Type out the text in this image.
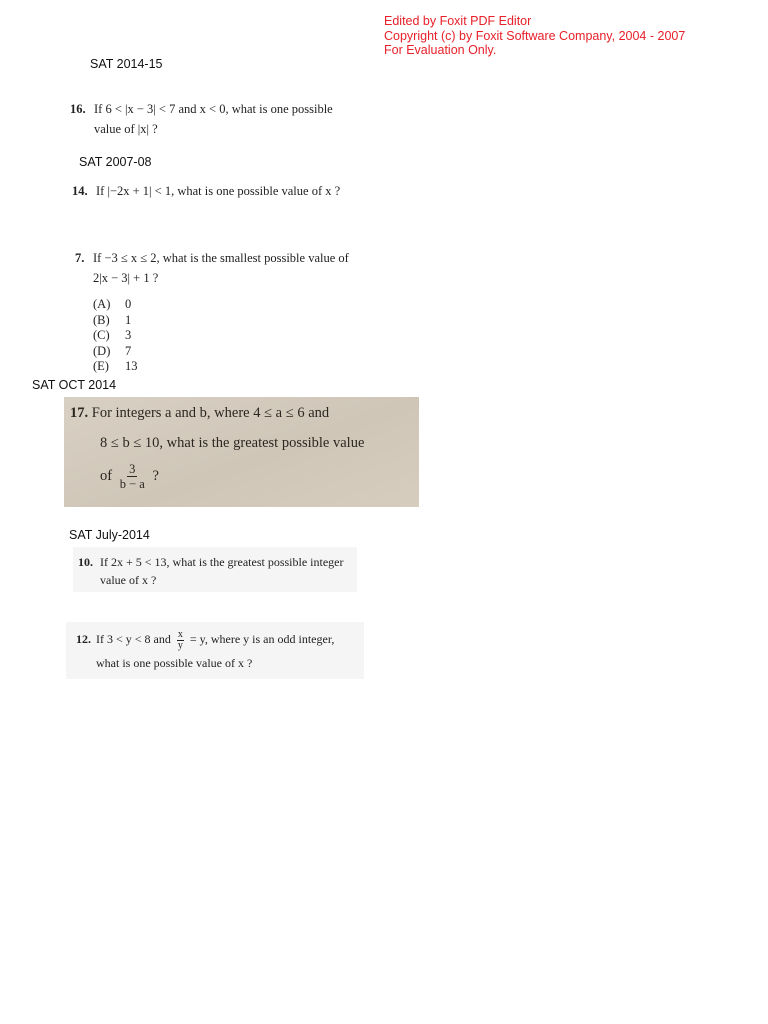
Edited by Foxit PDF Editor
Copyright (c) by Foxit Software Company, 2004 - 2007
For Evaluation Only.
SAT 2014-15
16. If 6 < |x − 3| < 7 and x < 0, what is one possible
value of |x| ?
SAT 2007-08
14. If |−2x + 1| < 1, what is one possible value of x ?
7. If −3 ≤ x ≤ 2, what is the smallest possible value of
2|x − 3| + 1 ?
(A) 0
(B) 1
(C) 3
(D) 7
(E) 13
SAT OCT 2014
17. For integers a and b, where 4 ≤ a ≤ 6 and
8 ≤ b ≤ 10, what is the greatest possible value
of $\frac{3}{b - a}$ ?
SAT July-2014
10. If 2x + 5 < 13, what is the greatest possible integer
value of x ?
12. If 3 < y < 8 and $\frac{x}{y} = y$, where y is an odd integer,
what is one possible value of x ?
